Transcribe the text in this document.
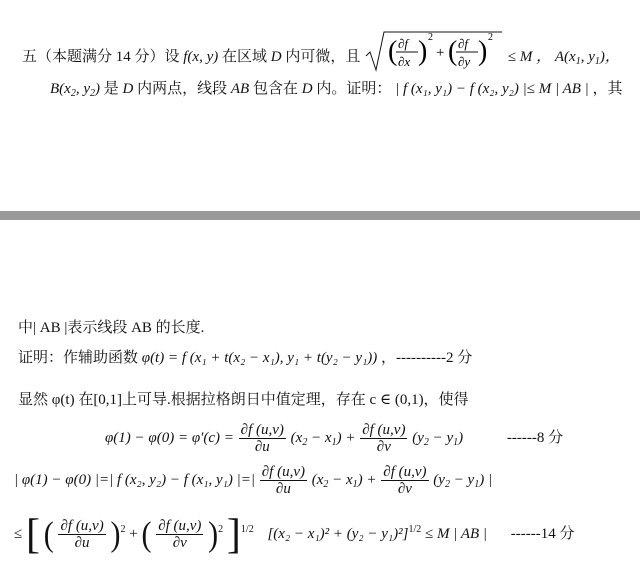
五（本题满分 14 分）设 f(x, y) 在区域 D 内可微，且 ( ∂f
∂x ) 2
+ ( ∂f
∂y ) 2
≤ M ， $A(x_1$, $y_1$)，
$B(x_2$, $y_2$) 是 D 内两点，线段 AB 包含在 D 内。证明： | f (x₁, y₁) − f (x₂, y₂) |≤ M | AB | ，其
中| AB |表示线段 AB 的长度.
证明：作辅助函数 φ(t) = f (x₁ + t(x₂ − x₁), y₁ + t(y₂ − y₁)) ，----------2 分
显然 φ(t) 在[0,1]上可导.根据拉格朗日中值定理，存在 c ∈ (0,1)，使得
$\varphi(1) - \varphi(0) = \varphi'(c) = \frac{\partial f (u,v)}{\partial u} (x_2 - x_1) + \frac{\partial f (u,v)}{\partial v} (y_2 - y_1)$	------8 分
| φ(1) − φ(0) |=| f (x₂, y₂) − f (x₁, y₁) |=| $\frac{\partial f (u,v)}{\partial u} (x_2 - x_1) + \frac{\partial f (u,v)}{\partial v} (y_2 - y_1)$ |
≤ [ ( $\frac{\partial f (u,v)}{\partial u} )^2$ + ( $\frac{\partial f (u,v)}{\partial v} )^2$ ]$^{1/2}$ $[(x_2 - x_1)^2 + (y_2 - y_1)^2]^{1/2} \le M$ | AB | ------14 分
